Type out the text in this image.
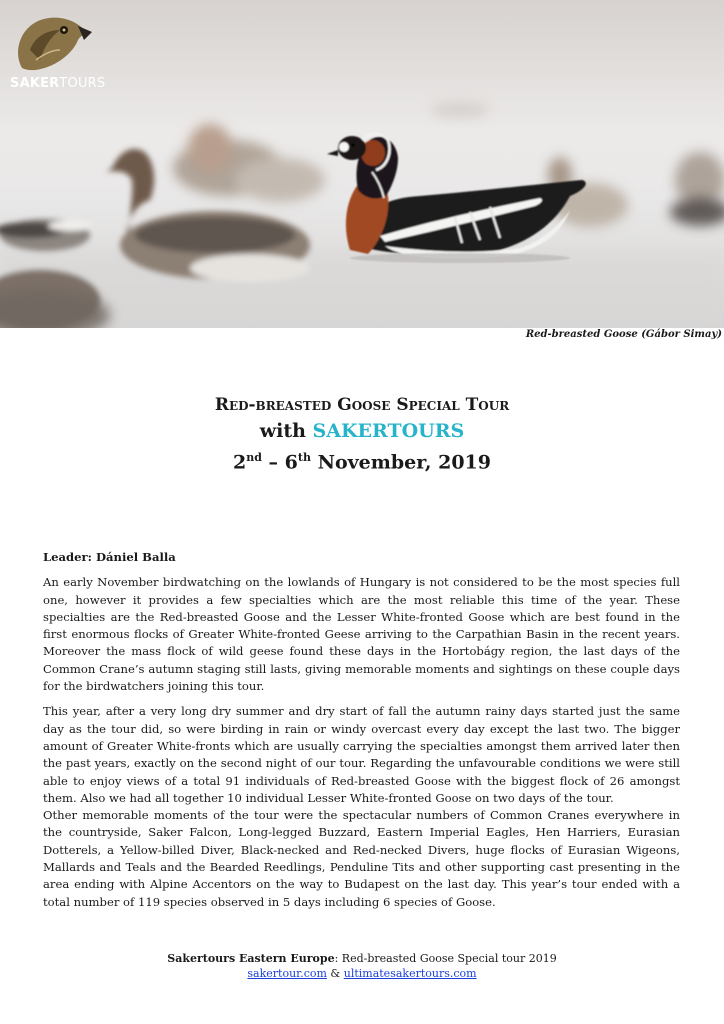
SAKERTOURS
Red-breasted Goose (Gábor Simay)
Red-breasted Goose Special Tour
with SAKERTOURS
2nd – 6th November, 2019
Leader: Dániel Balla

An early November birdwatching on the lowlands of Hungary is not considered to be the most species full one, however it provides a few specialties which are the most reliable this time of the year. These specialties are the Red-breasted Goose and the Lesser White-fronted Goose which are best found in the first enormous flocks of Greater White-fronted Geese arriving to the Carpathian Basin in the recent years. Moreover the mass flock of wild geese found these days in the Hortobágy region, the last days of the Common Crane’s autumn staging still lasts, giving memorable moments and sightings on these couple days for the birdwatchers joining this tour.

This year, after a very long dry summer and dry start of fall the autumn rainy days started just the same day as the tour did, so were birding in rain or windy overcast every day except the last two. The bigger amount of Greater White-fronts which are usually carrying the specialties amongst them arrived later then the past years, exactly on the second night of our tour. Regarding the unfavourable conditions we were still able to enjoy views of a total 91 individuals of Red-breasted Goose with the biggest flock of 26 amongst them. Also we had all together 10 individual Lesser White-fronted Goose on two days of the tour.

Other memorable moments of the tour were the spectacular numbers of Common Cranes everywhere in the countryside, Saker Falcon, Long-legged Buzzard, Eastern Imperial Eagles, Hen Harriers, Eurasian Dotterels, a Yellow-billed Diver, Black-necked and Red-necked Divers, huge flocks of Eurasian Wigeons, Mallards and Teals and the Bearded Reedlings, Penduline Tits and other supporting cast presenting in the area ending with Alpine Accentors on the way to Budapest on the last day. This year’s tour ended with a total number of 119 species observed in 5 days including 6 species of Goose.

Sakertours Eastern Europe: Red-breasted Goose Special tour 2019
sakertour.com & ultimatesakertours.com
